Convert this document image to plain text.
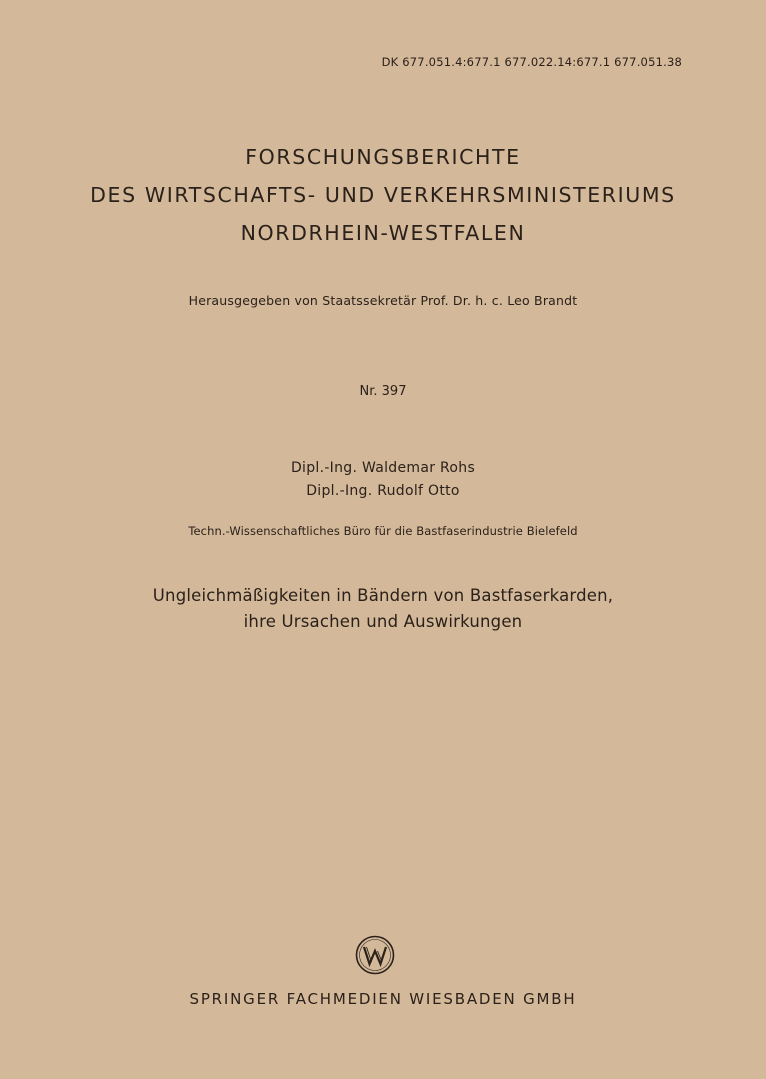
DK 677.051.4:677.1 677.022.14:677.1 677.051.38
FORSCHUNGSBERICHTE
DES WIRTSCHAFTS- UND VERKEHRSMINISTERIUMS
NORDRHEIN-WESTFALEN
Herausgegeben von Staatssekretär Prof. Dr. h. c. Leo Brandt
Nr. 397
Dipl.-Ing. Waldemar Rohs
Dipl.-Ing. Rudolf Otto
Techn.-Wissenschaftliches Büro für die Bastfaserindustrie Bielefeld
Ungleichmäßigkeiten in Bändern von Bastfaserkarden,
ihre Ursachen und Auswirkungen
SPRINGER FACHMEDIEN WIESBADEN GMBH
